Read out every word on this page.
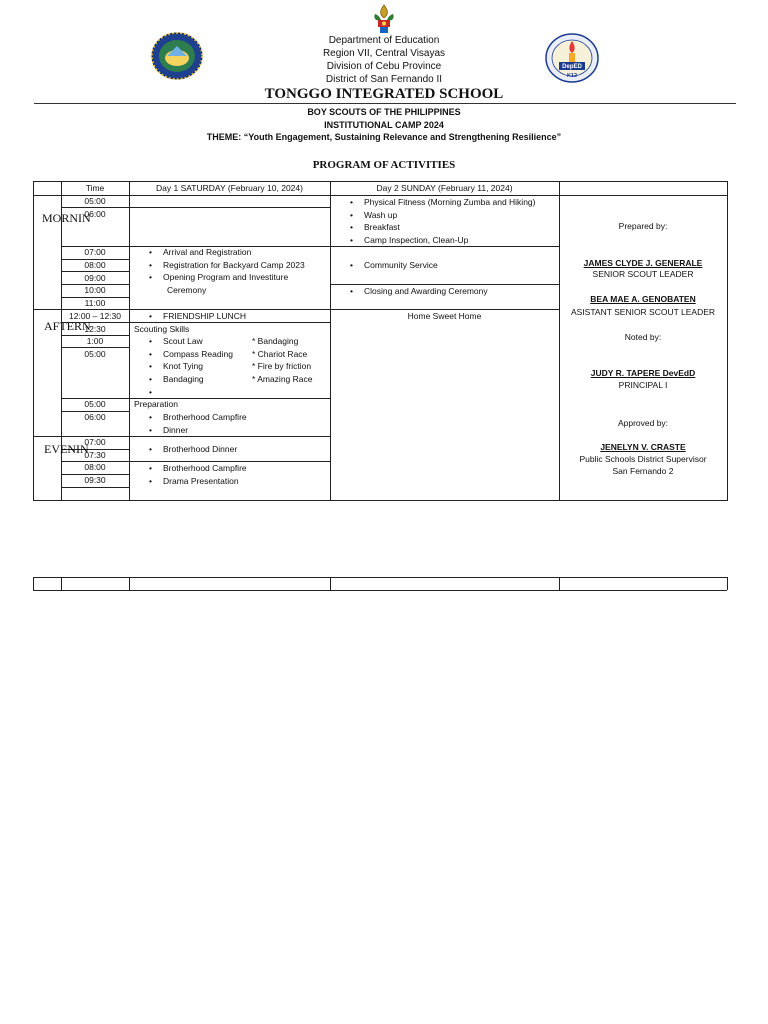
DepED
K12
Department of Education
Region VII, Central Visayas
Division of Cebu Province
District of San Fernando II
TONGGO INTEGRATED SCHOOL
BOY SCOUTS OF THE PHILIPPINES
INSTITUTIONAL CAMP 2024
THEME: “Youth Engagement, Sustaining Relevance and Strengthening Resilience”
PROGRAM OF ACTIVITIES
Time	Day 1 SATURDAY (February 10, 2024)	Day 2 SUNDAY (February 11, 2024)
MORNIN
AFTERN
EVENIN
05:00
06:00
07:00
08:00
09:00
10:00
11:00
12:00 – 12:30
12:30
1:00
05:00
05:00
06:00
07:00
07:30
08:00
09:30
• Arrival and Registration
• Registration for Backyard Camp 2023
• Opening Program and Investiture
Ceremony
• FRIENDSHIP LUNCH
Scouting Skills
• Scout Law
• Compass Reading
• Knot Tying
• Bandaging
* Bandaging
* Chariot Race
* Fire by friction
* Amazing Race
Preparation
• Brotherhood Campfire
• Dinner
• Brotherhood Dinner
• Brotherhood Campfire
• Drama Presentation
• Physical Fitness (Morning Zumba and Hiking)
• Wash up
• Breakfast
• Camp Inspection, Clean-Up
• Community Service
• Closing and Awarding Ceremony
Home Sweet Home
Prepared by:
JAMES CLYDE J. GENERALE
SENIOR SCOUT LEADER
BEA MAE A. GENOBATEN
ASISTANT SENIOR SCOUT LEADER
Noted by:
JUDY R. TAPERE DevEdD
PRINCIPAL I
Approved by:
JENELYN V. CRASTE
Public Schools District Supervisor
San Fernando 2
